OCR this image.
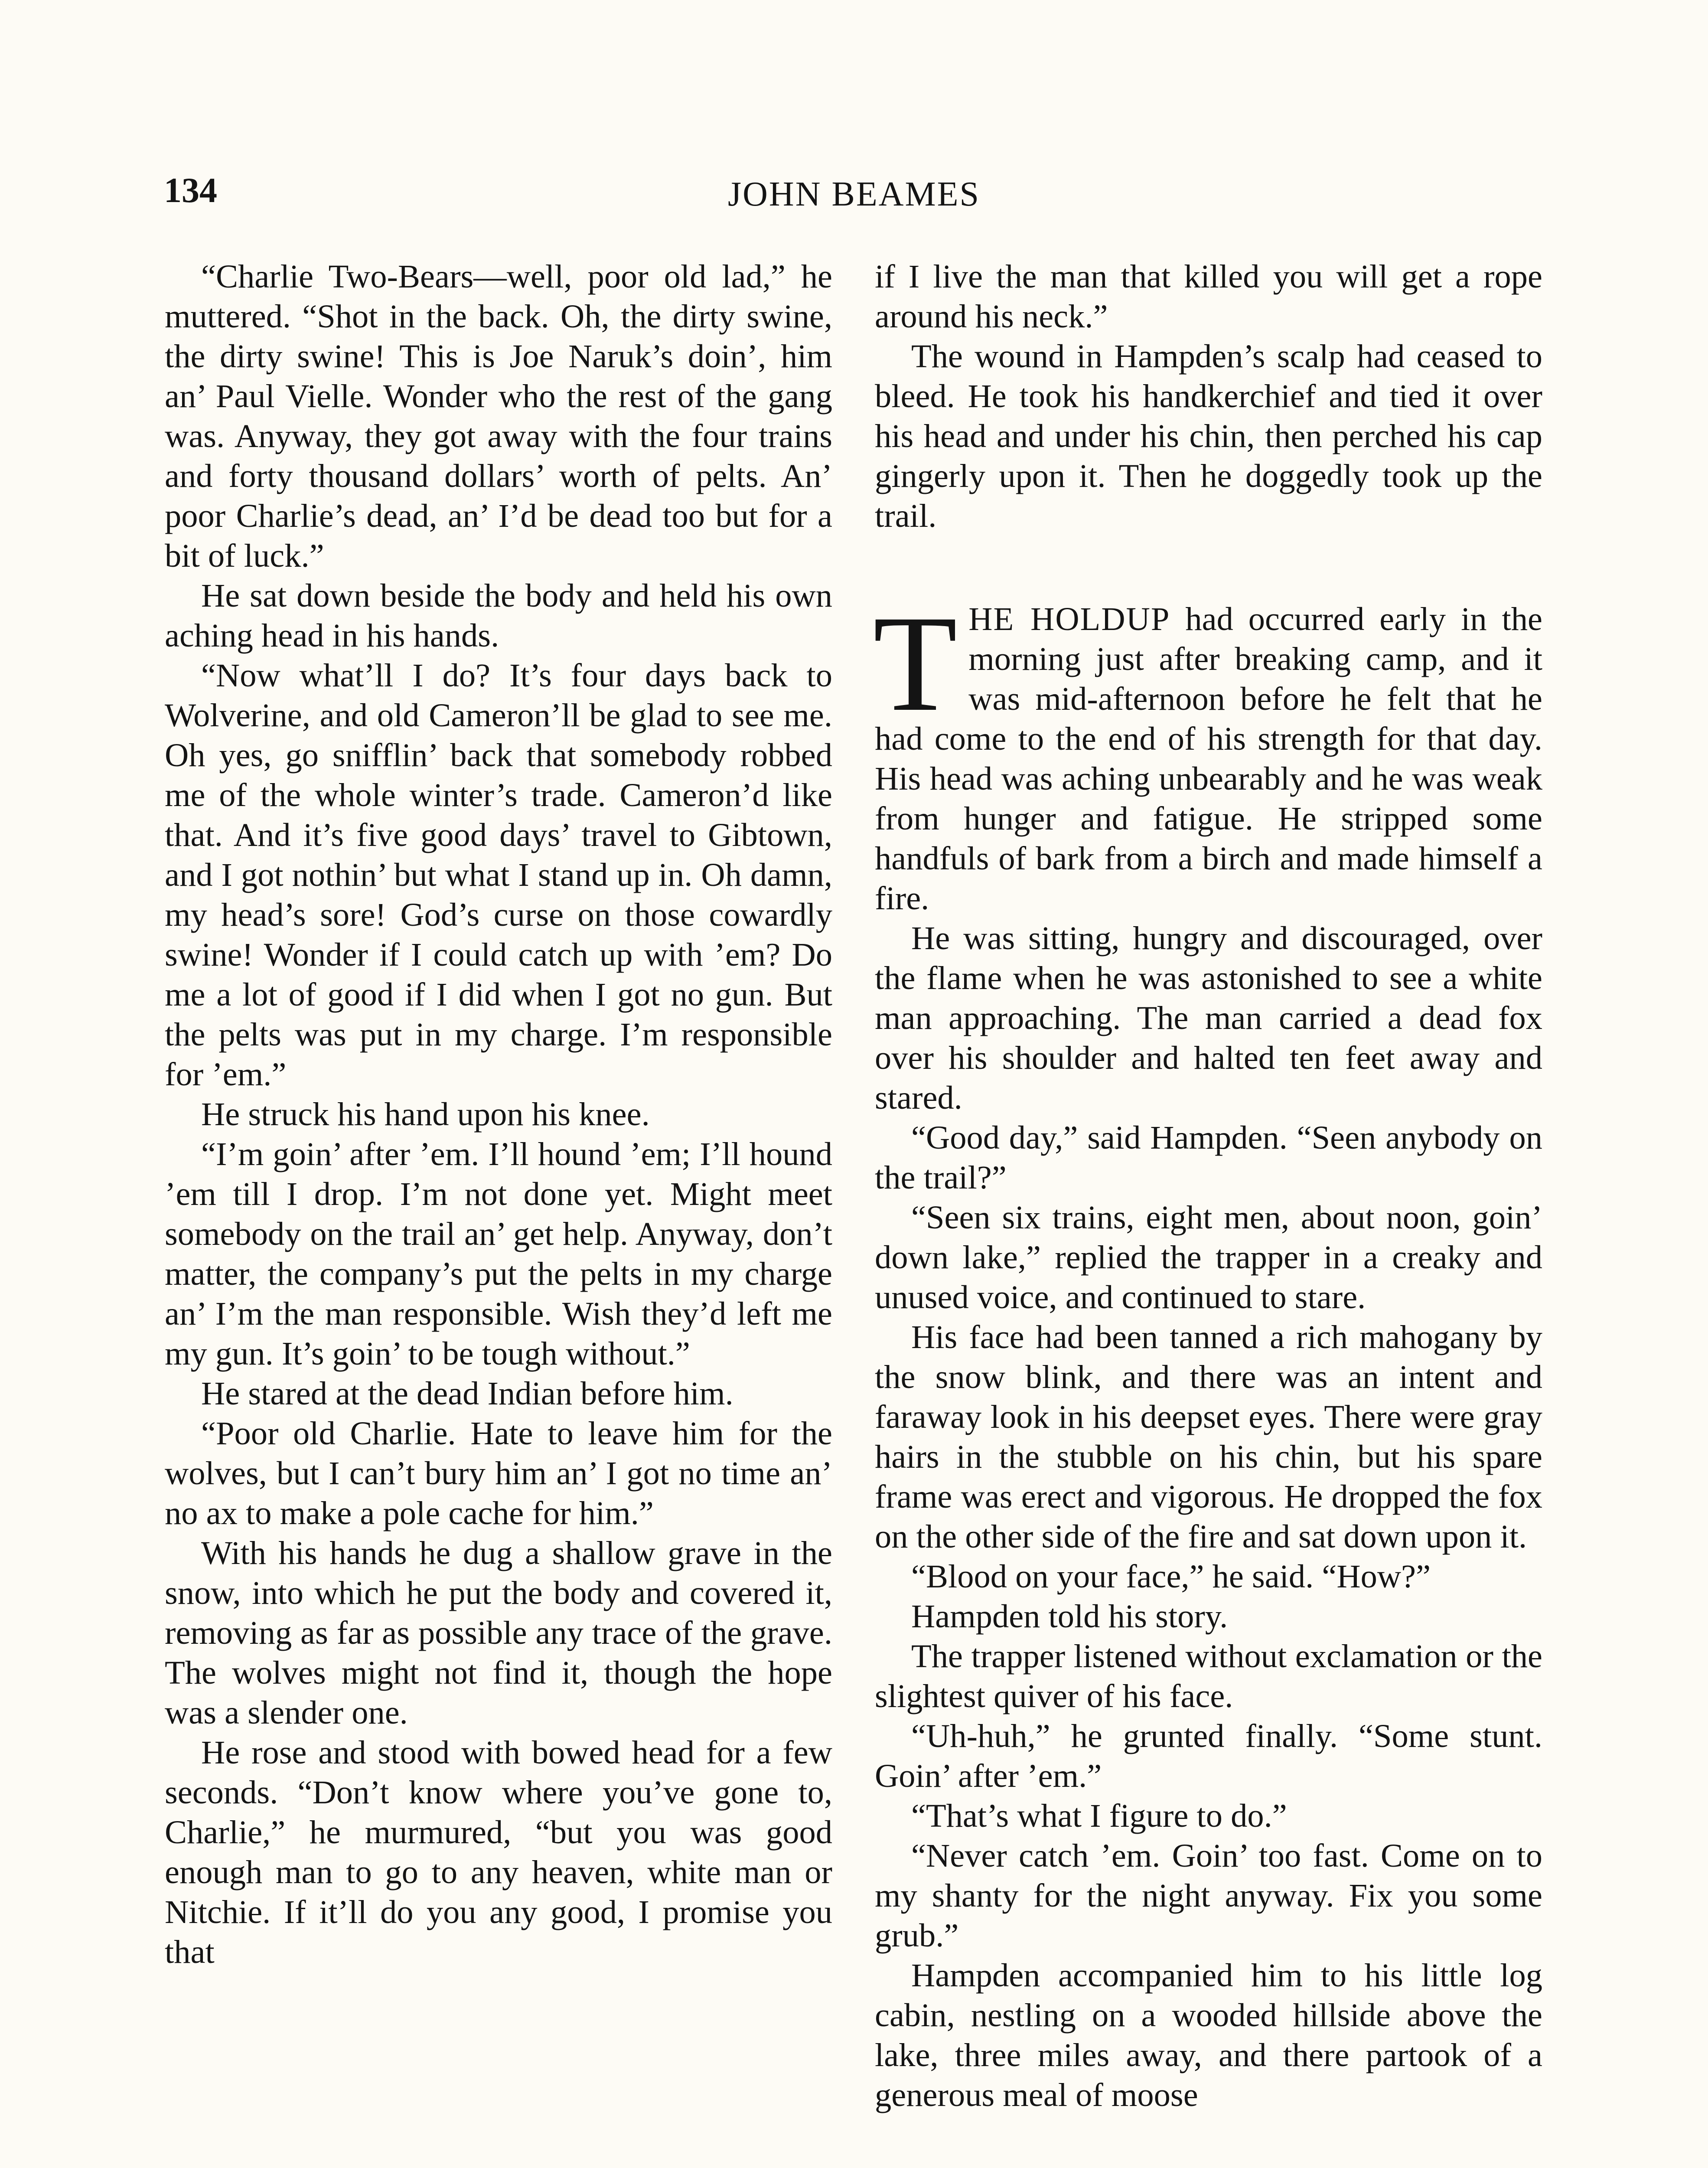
134	JOHN BEAMES

“Charlie Two-Bears—well, poor old lad,” he muttered. “Shot in the back. Oh, the dirty swine, the dirty swine! This is Joe Naruk’s doin’, him an’ Paul Vielle. Wonder who the rest of the gang was. Anyway, they got away with the four trains and forty thousand dollars’ worth of pelts. An’ poor Charlie’s dead, an’ I’d be dead too but for a bit of luck.”

He sat down beside the body and held his own aching head in his hands.

“Now what’ll I do? It’s four days back to Wolverine, and old Cameron’ll be glad to see me. Oh yes, go snifflin’ back that somebody robbed me of the whole winter’s trade. Cameron’d like that. And it’s five good days’ travel to Gibtown, and I got nothin’ but what I stand up in. Oh damn, my head’s sore! God’s curse on those cowardly swine! Wonder if I could catch up with ’em? Do me a lot of good if I did when I got no gun. But the pelts was put in my charge. I’m responsible for ’em.”

He struck his hand upon his knee.

“I’m goin’ after ’em. I’ll hound ’em; I’ll hound ’em till I drop. I’m not done yet. Might meet somebody on the trail an’ get help. Anyway, don’t matter, the company’s put the pelts in my charge an’ I’m the man responsible. Wish they’d left me my gun. It’s goin’ to be tough without.”

He stared at the dead Indian before him.

“Poor old Charlie. Hate to leave him for the wolves, but I can’t bury him an’ I got no time an’ no ax to make a pole cache for him.”

With his hands he dug a shallow grave in the snow, into which he put the body and covered it, removing as far as possible any trace of the grave. The wolves might not find it, though the hope was a slender one.

He rose and stood with bowed head for a few seconds. “Don’t know where you’ve gone to, Charlie,” he murmured, “but you was good enough man to go to any heaven, white man or Nitchie. If it’ll do you any good, I promise you that

if I live the man that killed you will get a rope around his neck.”

The wound in Hampden’s scalp had ceased to bleed. He took his handkerchief and tied it over his head and under his chin, then perched his cap gingerly upon it. Then he doggedly took up the trail.

THE HOLDUP had occurred early in the morning just after breaking camp, and it was mid-afternoon before he felt that he had come to the end of his strength for that day. His head was aching unbearably and he was weak from hunger and fatigue. He stripped some handfuls of bark from a birch and made himself a fire.

He was sitting, hungry and discouraged, over the flame when he was astonished to see a white man approaching. The man carried a dead fox over his shoulder and halted ten feet away and stared.

“Good day,” said Hampden. “Seen anybody on the trail?”

“Seen six trains, eight men, about noon, goin’ down lake,” replied the trapper in a creaky and unused voice, and continued to stare.

His face had been tanned a rich mahogany by the snow blink, and there was an intent and faraway look in his deepset eyes. There were gray hairs in the stubble on his chin, but his spare frame was erect and vigorous. He dropped the fox on the other side of the fire and sat down upon it.

“Blood on your face,” he said. “How?”

Hampden told his story.

The trapper listened without exclamation or the slightest quiver of his face.

“Uh-huh,” he grunted finally. “Some stunt. Goin’ after ’em.”

“That’s what I figure to do.”

“Never catch ’em. Goin’ too fast. Come on to my shanty for the night anyway. Fix you some grub.”

Hampden accompanied him to his little log cabin, nestling on a wooded hillside above the lake, three miles away, and there partook of a generous meal of moose
